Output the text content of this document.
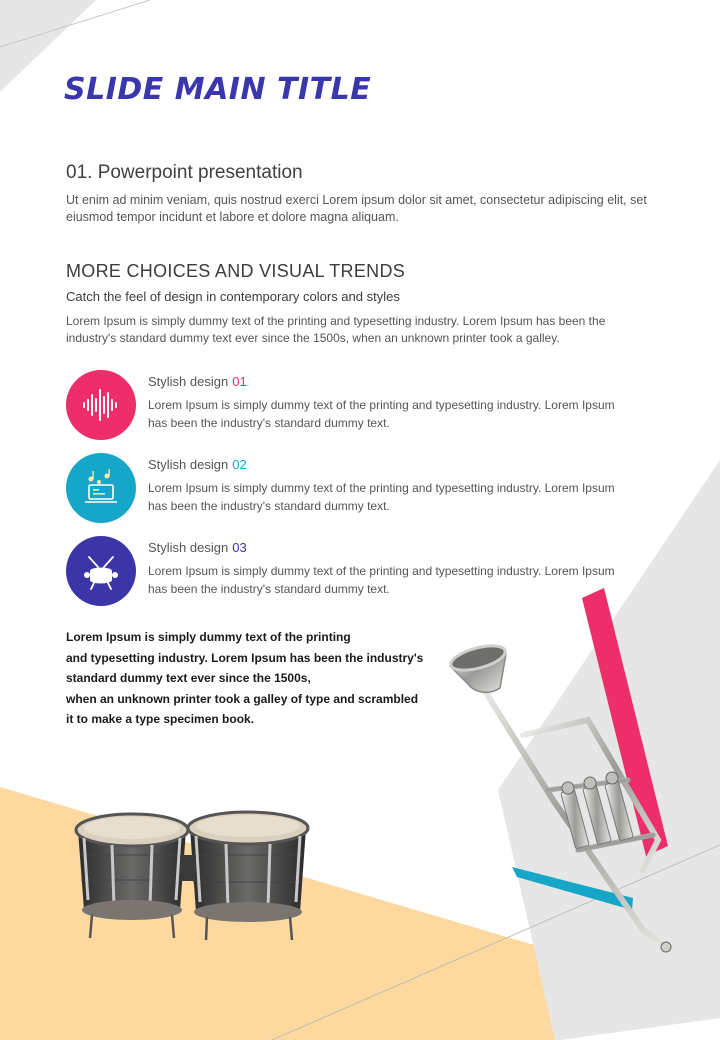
SLIDE MAIN TITLE
01. Powerpoint presentation

Ut enim ad minim veniam, quis nostrud exerci Lorem ipsum dolor sit amet, consectetur adipiscing elit, set eiusmod tempor incidunt et labore et dolore magna aliquam.

MORE CHOICES AND VISUAL TRENDS

Catch the feel of design in contemporary colors and styles

Lorem Ipsum is simply dummy text of the printing and typesetting industry. Lorem Ipsum has been the industry's standard dummy text ever since the 1500s, when an unknown printer took a galley.

Stylish design 01

Lorem Ipsum is simply dummy text of the printing and typesetting industry. Lorem Ipsum has been the industry's standard dummy text.

Stylish design 02

Lorem Ipsum is simply dummy text of the printing and typesetting industry. Lorem Ipsum has been the industry's standard dummy text.

Stylish design 03

Lorem Ipsum is simply dummy text of the printing and typesetting industry. Lorem Ipsum has been the industry's standard dummy text.

Lorem Ipsum is simply dummy text of the printing
and typesetting industry. Lorem Ipsum has been the industry's
standard dummy text ever since the 1500s,
when an unknown printer took a galley of type and scrambled
it to make a type specimen book.
